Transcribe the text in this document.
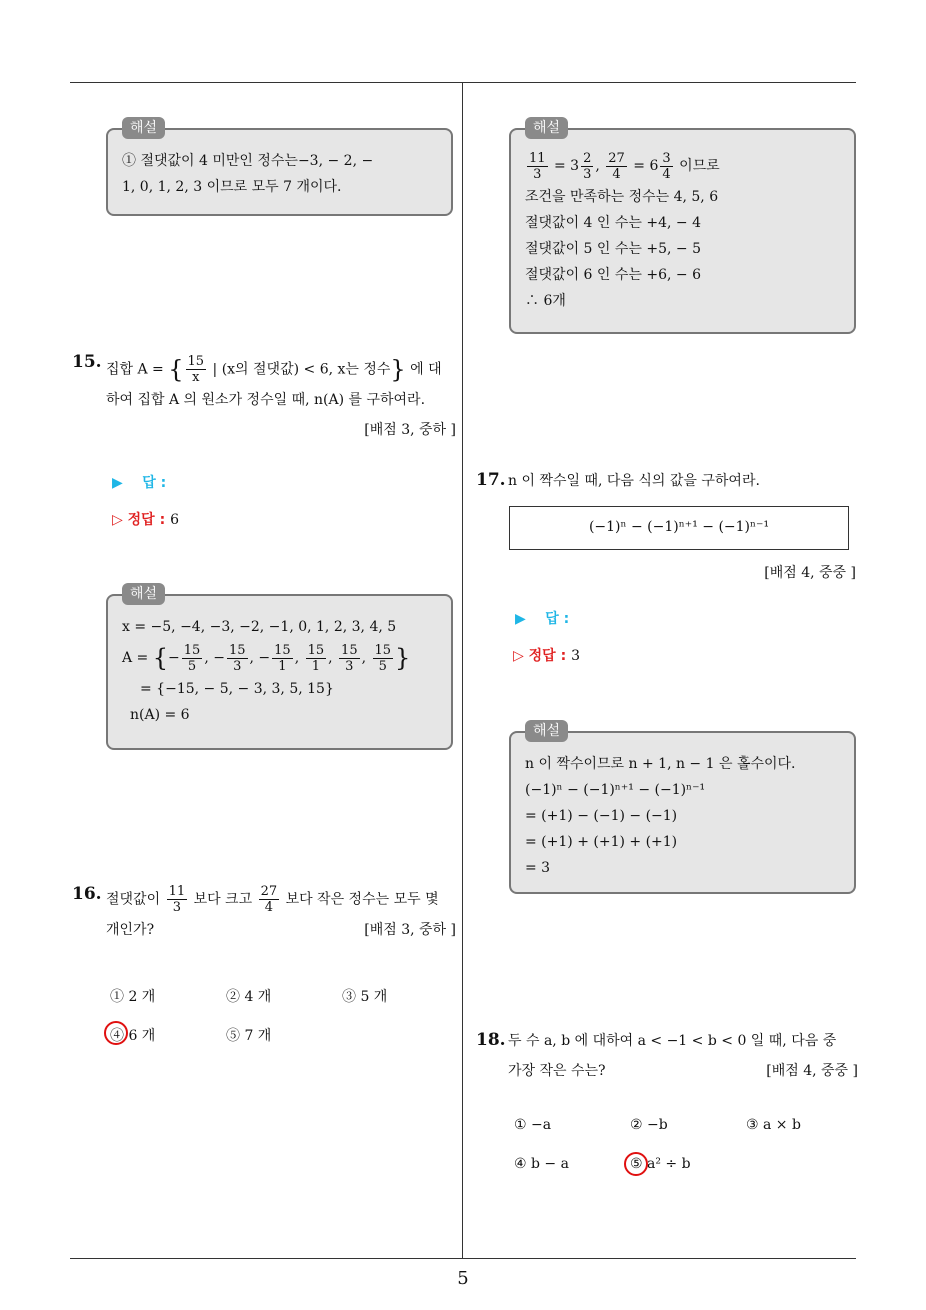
5
해설
① 절댓값이 4 미만인 정수는−3, − 2, −
1, 0, 1, 2, 3 이므로 모두 7 개이다.
15. 집합 A = { $\frac{15}{x}$ | (x의 절댓값) < 6, x는 정수} 에 대
하여 집합 A 의 원소가 정수일 때, n(A) 를 구하여라.
[배점 3, 중하 ]
▶ 답 :
▷ 정답 : 6
해설
x = −5, −4, −3, −2, −1, 0, 1, 2, 3, 4, 5
A = {− $\frac{15}{5}$ , − $\frac{15}{3}$ , − $\frac{15}{1}$ , $\frac{15}{1}$ , $\frac{15}{3}$ , $\frac{15}{5}$ }
= {−15, − 5, − 3, 3, 5, 15}
n(A) = 6
16. 절댓값이 $\frac{11}{3}$ 보다 크고 $\frac{27}{4}$ 보다 작은 정수는 모두 몇
개인가?	[배점 3, 중하 ]
① 2 개	② 4 개	③ 5 개
④ 6 개	⑤ 7 개
해설
$\frac{11}{3} = 3 \frac{2}{3}$ , $\frac{27}{4} = 6 \frac{3}{4}$ 이므로
조건을 만족하는 정수는 4, 5, 6
절댓값이 4 인 수는 +4, − 4
절댓값이 5 인 수는 +5, − 5
절댓값이 6 인 수는 +6, − 6
∴ 6개
17. n 이 짝수일 때, 다음 식의 값을 구하여라.
(−1)ⁿ − (−1)ⁿ⁺¹ − (−1)ⁿ⁻¹
[배점 4, 중중 ]
▶ 답 :
▷ 정답 : 3
해설
n 이 짝수이므로 n + 1, n − 1 은 홀수이다.
(−1)ⁿ − (−1)ⁿ⁺¹ − (−1)ⁿ⁻¹
= (+1) − (−1) − (−1)
= (+1) + (+1) + (+1)
= 3
18. 두 수 a, b 에 대하여 a < −1 < b < 0 일 때, 다음 중
가장 작은 수는?	[배점 4, 중중 ]
① −a	② −b	③ a × b
④ b − a	⑤ a² ÷ b
